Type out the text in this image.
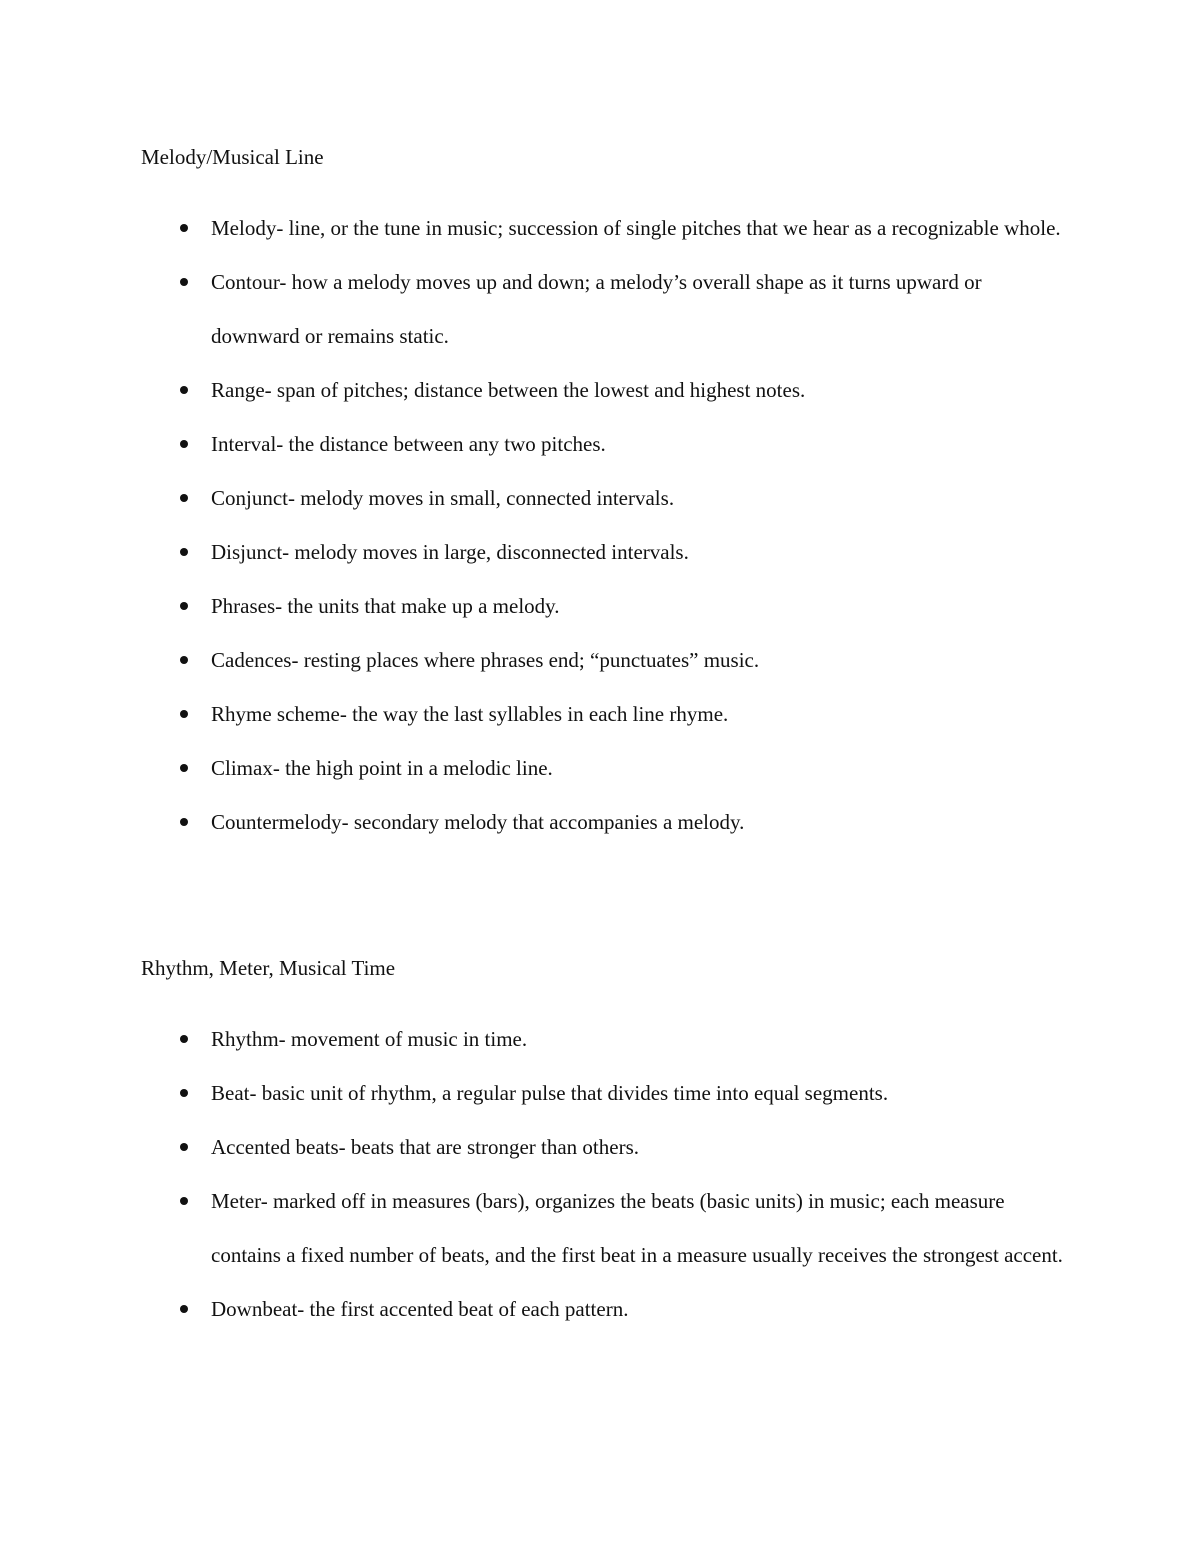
Melody/Musical Line
Melody- line, or the tune in music; succession of single pitches that we hear as a recognizable whole.
Contour- how a melody moves up and down; a melody’s overall shape as it turns upward or downward or remains static.
Range- span of pitches; distance between the lowest and highest notes.
Interval- the distance between any two pitches.
Conjunct- melody moves in small, connected intervals.
Disjunct- melody moves in large, disconnected intervals.
Phrases- the units that make up a melody.
Cadences- resting places where phrases end; “punctuates” music.
Rhyme scheme- the way the last syllables in each line rhyme.
Climax- the high point in a melodic line.
Countermelody- secondary melody that accompanies a melody.
Rhythm, Meter, Musical Time
Rhythm- movement of music in time.
Beat- basic unit of rhythm, a regular pulse that divides time into equal segments.
Accented beats- beats that are stronger than others.
Meter- marked off in measures (bars), organizes the beats (basic units) in music; each measure contains a fixed number of beats, and the first beat in a measure usually receives the strongest accent.
Downbeat- the first accented beat of each pattern.
